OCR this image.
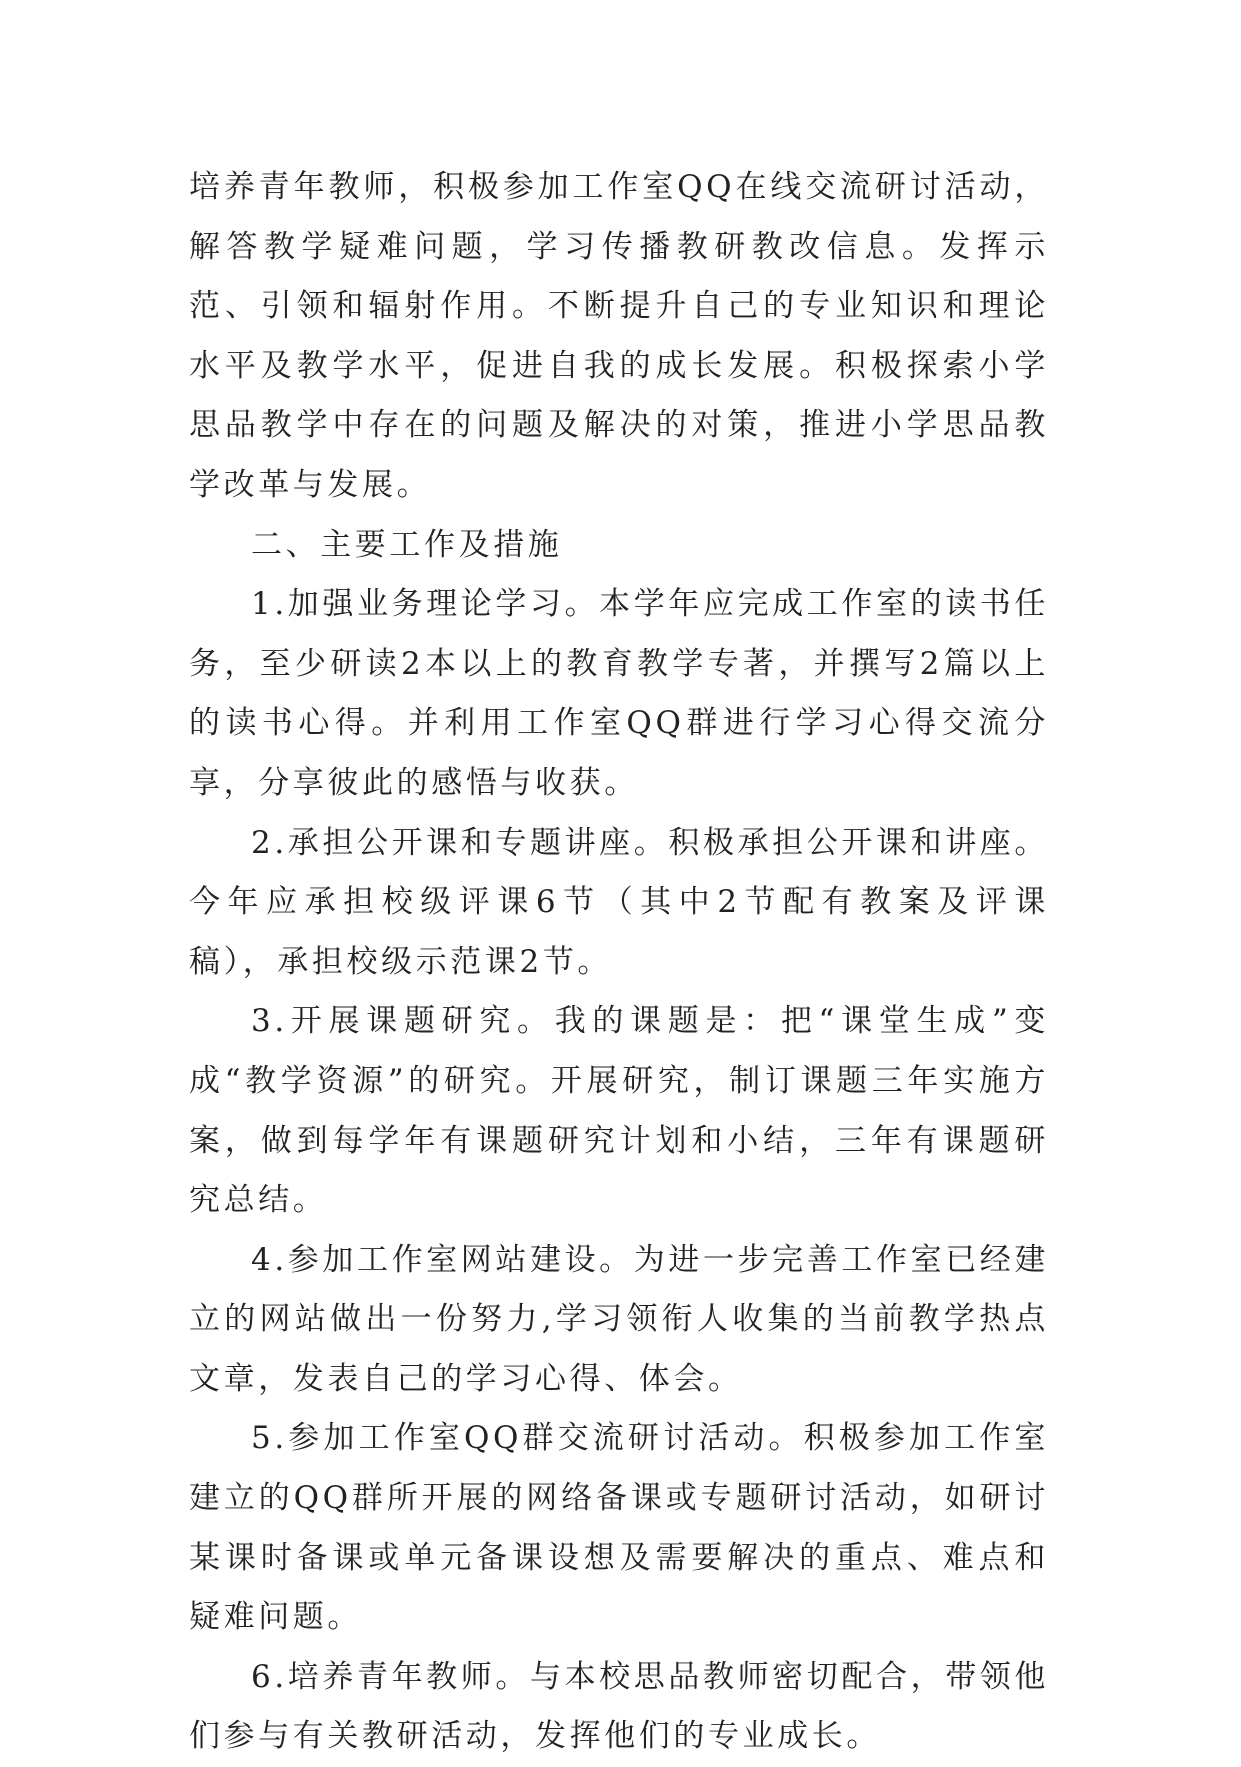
培养青年教师，积极参加工作室QQ在线交流研讨活动，解答教学疑难问题，学习传播教研教改信息。发挥示范、引领和辐射作用。不断提升自己的专业知识和理论水平及教学水平，促进自我的成长发展。积极探索小学思品教学中存在的问题及解决的对策，推进小学思品教学改革与发展。

二、主要工作及措施

1.加强业务理论学习。本学年应完成工作室的读书任务，至少研读2本以上的教育教学专著，并撰写2篇以上的读书心得。并利用工作室QQ群进行学习心得交流分享，分享彼此的感悟与收获。

2.承担公开课和专题讲座。积极承担公开课和讲座。今年应承担校级评课6节（其中2节配有教案及评课稿），承担校级示范课2节。

3.开展课题研究。我的课题是：把“课堂生成”变成“教学资源”的研究。开展研究，制订课题三年实施方案，做到每学年有课题研究计划和小结，三年有课题研究总结。

4.参加工作室网站建设。为进一步完善工作室已经建立的网站做出一份努力,学习领衔人收集的当前教学热点文章，发表自己的学习心得、体会。

5.参加工作室QQ群交流研讨活动。积极参加工作室建立的QQ群所开展的网络备课或专题研讨活动，如研讨某课时备课或单元备课设想及需要解决的重点、难点和疑难问题。

6.培养青年教师。与本校思品教师密切配合，带领他们参与有关教研活动，发挥他们的专业成长。
